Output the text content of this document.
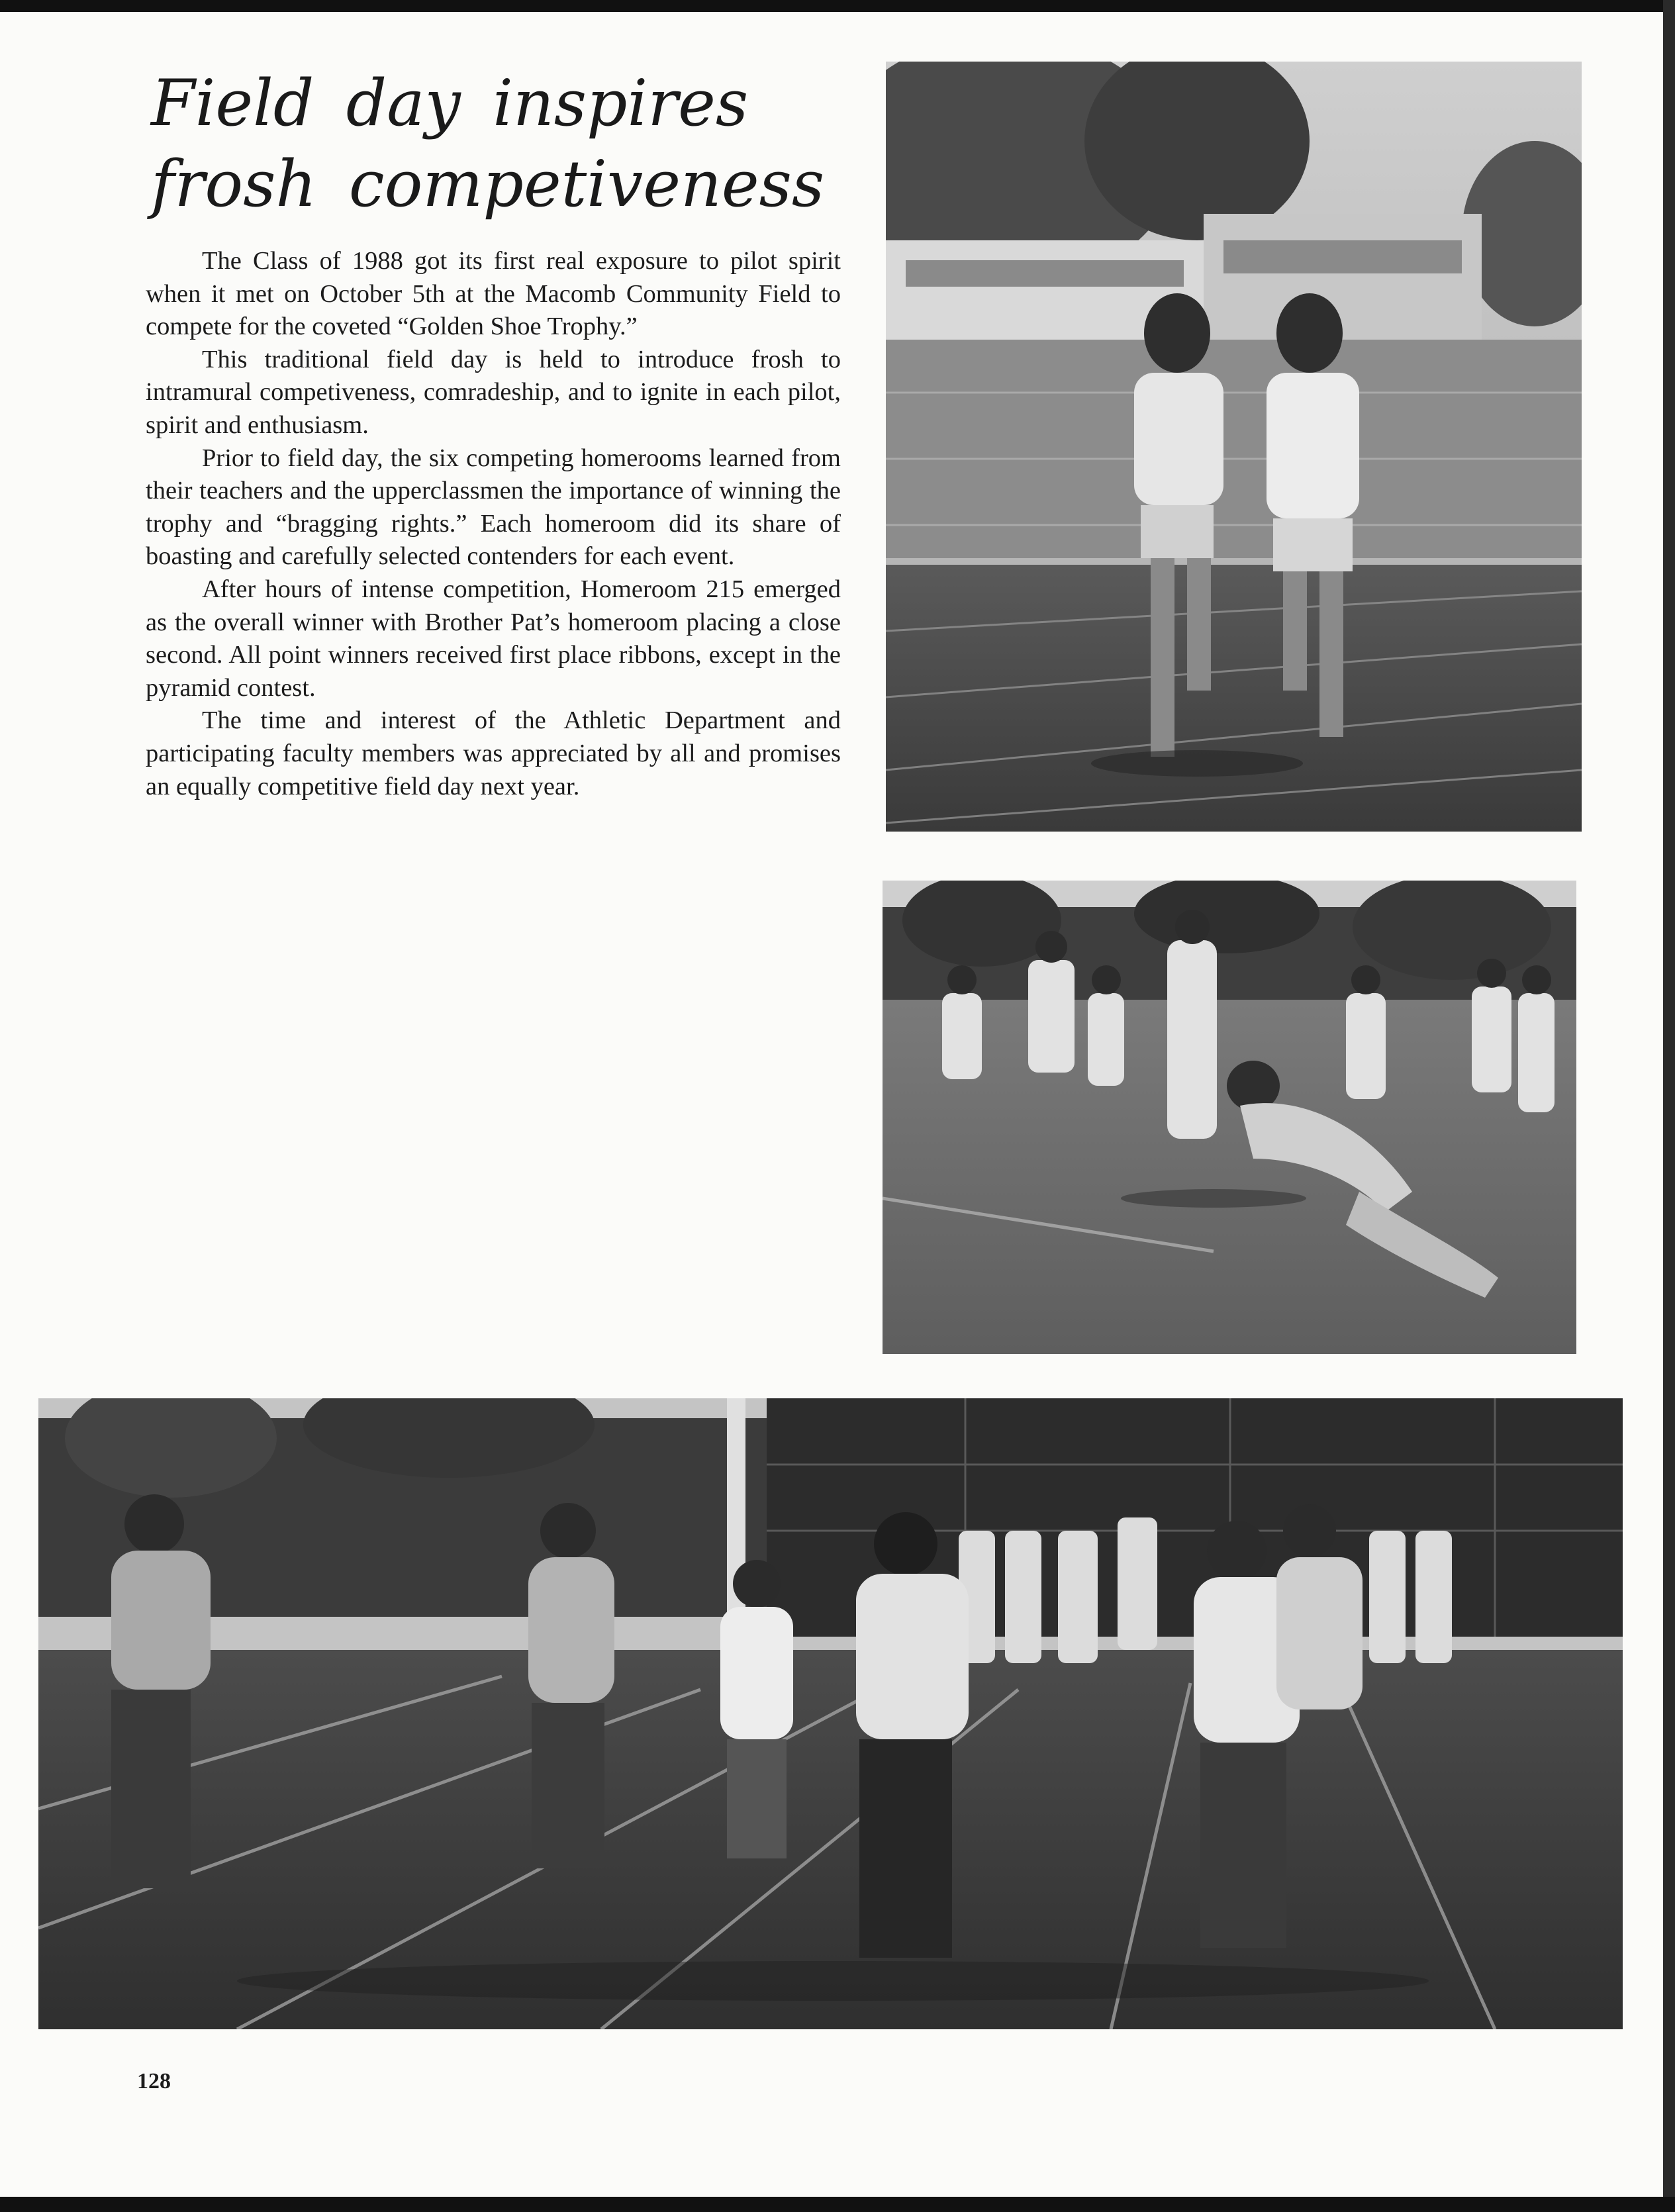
Field day inspires frosh competiveness

The Class of 1988 got its first real exposure to pilot spirit when it met on October 5th at the Macomb Community Field to compete for the coveted “Golden Shoe Trophy.”

This traditional field day is held to introduce frosh to intramural competiveness, comradeship, and to ignite in each pilot, spirit and enthusiasm.

Prior to field day, the six competing homerooms learned from their teachers and the upperclassmen the importance of winning the trophy and “bragging rights.” Each homeroom did its share of boasting and carefully selected contenders for each event.

After hours of intense competition, Homeroom 215 emerged as the overall winner with Brother Pat’s homeroom placing a close second. All point winners received first place ribbons, except in the pyramid contest.

The time and interest of the Athletic Department and participating faculty members was appreciated by all and promises an equally competitive field day next year.

128
